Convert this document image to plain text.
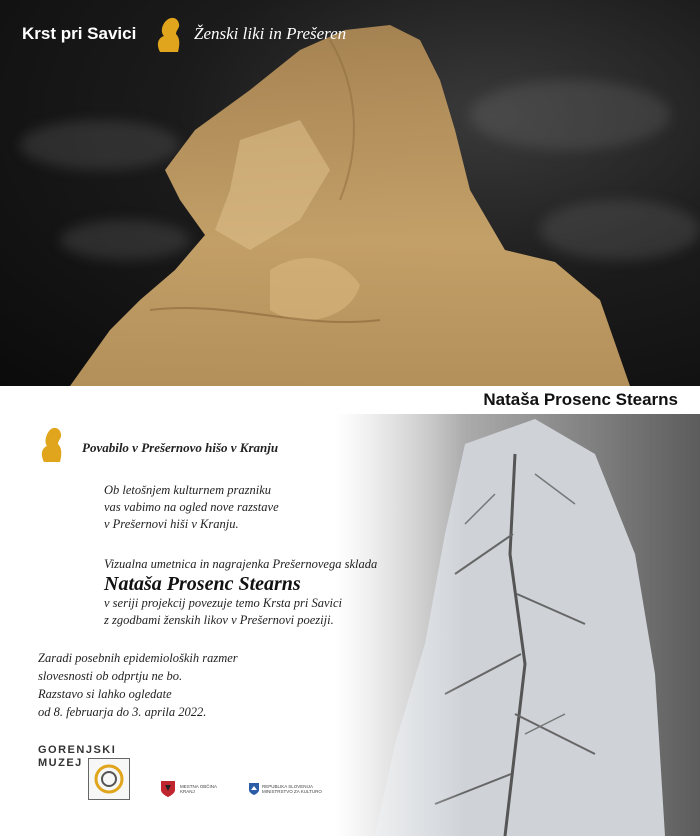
Krst pri Savici	Ženski liki in Prešeren
Nataša Prosenc Stearns
Povabilo v Prešernovo hišo v Kranju
Ob letošnjem kulturnem prazniku
vas vabimo na ogled nove razstave
v Prešernovi hiši v Kranju.
Vizualna umetnica in nagrajenka Prešernovega sklada
Nataša Prosenc Stearns
v seriji projekcij povezuje temo Krsta pri Savici
z zgodbami ženskih likov v Prešernovi poeziji.
Zaradi posebnih epidemioloških razmer
slovesnosti ob odprtju ne bo.
Razstavo si lahko ogledate
od 8. februarja do 3. aprila 2022.
GORENJSKI
MUZEJ
MESTNA OBČINA KRANJ
REPUBLIKA SLOVENIJA
MINISTRSTVO ZA KULTURO
